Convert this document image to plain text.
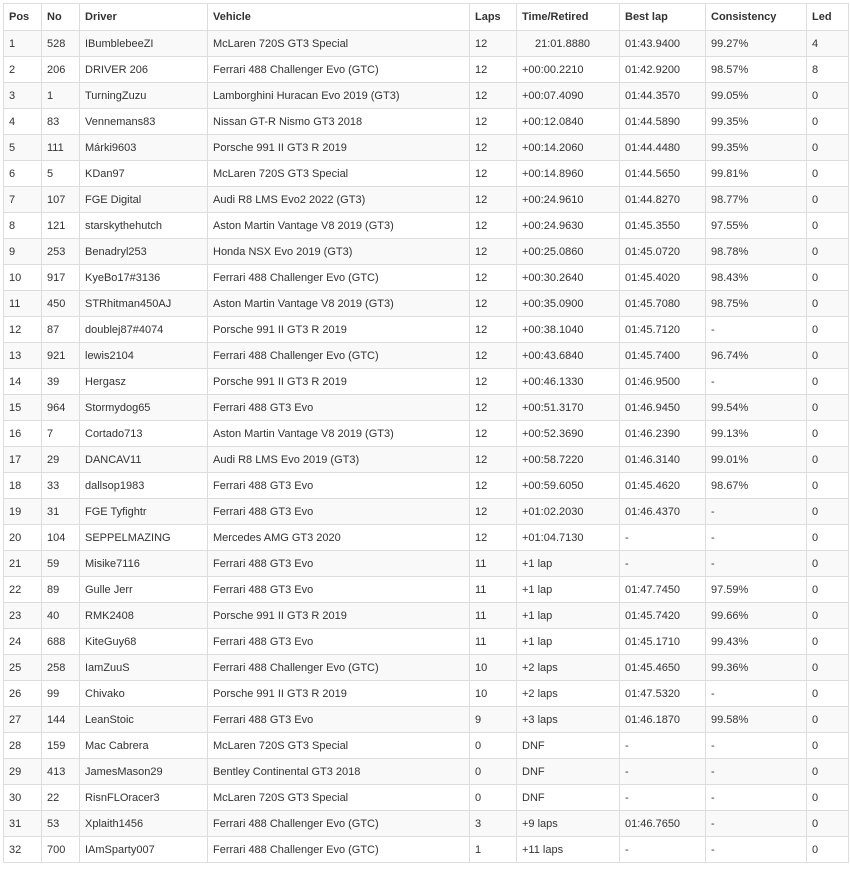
Pos	No	Driver	Vehicle	Laps	Time/Retired	Best lap	Consistency	Led
1	528	IBumblebeeZI	McLaren 720S GT3 Special	12	21:01.8880	01:43.9400	99.27%	4
2	206	DRIVER 206	Ferrari 488 Challenger Evo (GTC)	12	+00:00.2210	01:42.9200	98.57%	8
3	1	TurningZuzu	Lamborghini Huracan Evo 2019 (GT3)	12	+00:07.4090	01:44.3570	99.05%	0
4	83	Vennemans83	Nissan GT-R Nismo GT3 2018	12	+00:12.0840	01:44.5890	99.35%	0
5	111	Márki9603	Porsche 991 II GT3 R 2019	12	+00:14.2060	01:44.4480	99.35%	0
6	5	KDan97	McLaren 720S GT3 Special	12	+00:14.8960	01:44.5650	99.81%	0
7	107	FGE Digital	Audi R8 LMS Evo2 2022 (GT3)	12	+00:24.9610	01:44.8270	98.77%	0
8	121	starskythehutch	Aston Martin Vantage V8 2019 (GT3)	12	+00:24.9630	01:45.3550	97.55%	0
9	253	Benadryl253	Honda NSX Evo 2019 (GT3)	12	+00:25.0860	01:45.0720	98.78%	0
10	917	KyeBo17#3136	Ferrari 488 Challenger Evo (GTC)	12	+00:30.2640	01:45.4020	98.43%	0
11	450	STRhitman450AJ	Aston Martin Vantage V8 2019 (GT3)	12	+00:35.0900	01:45.7080	98.75%	0
12	87	doublej87#4074	Porsche 991 II GT3 R 2019	12	+00:38.1040	01:45.7120	-	0
13	921	lewis2104	Ferrari 488 Challenger Evo (GTC)	12	+00:43.6840	01:45.7400	96.74%	0
14	39	Hergasz	Porsche 991 II GT3 R 2019	12	+00:46.1330	01:46.9500	-	0
15	964	Stormydog65	Ferrari 488 GT3 Evo	12	+00:51.3170	01:46.9450	99.54%	0
16	7	Cortado713	Aston Martin Vantage V8 2019 (GT3)	12	+00:52.3690	01:46.2390	99.13%	0
17	29	DANCAV11	Audi R8 LMS Evo 2019 (GT3)	12	+00:58.7220	01:46.3140	99.01%	0
18	33	dallsop1983	Ferrari 488 GT3 Evo	12	+00:59.6050	01:45.4620	98.67%	0
19	31	FGE Tyfightr	Ferrari 488 GT3 Evo	12	+01:02.2030	01:46.4370	-	0
20	104	SEPPELMAZING	Mercedes AMG GT3 2020	12	+01:04.7130	-	-	0
21	59	Misike7116	Ferrari 488 GT3 Evo	11	+1 lap	-	-	0
22	89	Gulle Jerr	Ferrari 488 GT3 Evo	11	+1 lap	01:47.7450	97.59%	0
23	40	RMK2408	Porsche 991 II GT3 R 2019	11	+1 lap	01:45.7420	99.66%	0
24	688	KiteGuy68	Ferrari 488 GT3 Evo	11	+1 lap	01:45.1710	99.43%	0
25	258	IamZuuS	Ferrari 488 Challenger Evo (GTC)	10	+2 laps	01:45.4650	99.36%	0
26	99	Chivako	Porsche 991 II GT3 R 2019	10	+2 laps	01:47.5320	-	0
27	144	LeanStoic	Ferrari 488 GT3 Evo	9	+3 laps	01:46.1870	99.58%	0
28	159	Mac Cabrera	McLaren 720S GT3 Special	0	DNF	-	-	0
29	413	JamesMason29	Bentley Continental GT3 2018	0	DNF	-	-	0
30	22	RisnFLOracer3	McLaren 720S GT3 Special	0	DNF	-	-	0
31	53	Xplaith1456	Ferrari 488 Challenger Evo (GTC)	3	+9 laps	01:46.7650	-	0
32	700	IAmSparty007	Ferrari 488 Challenger Evo (GTC)	1	+11 laps	-	-	0
